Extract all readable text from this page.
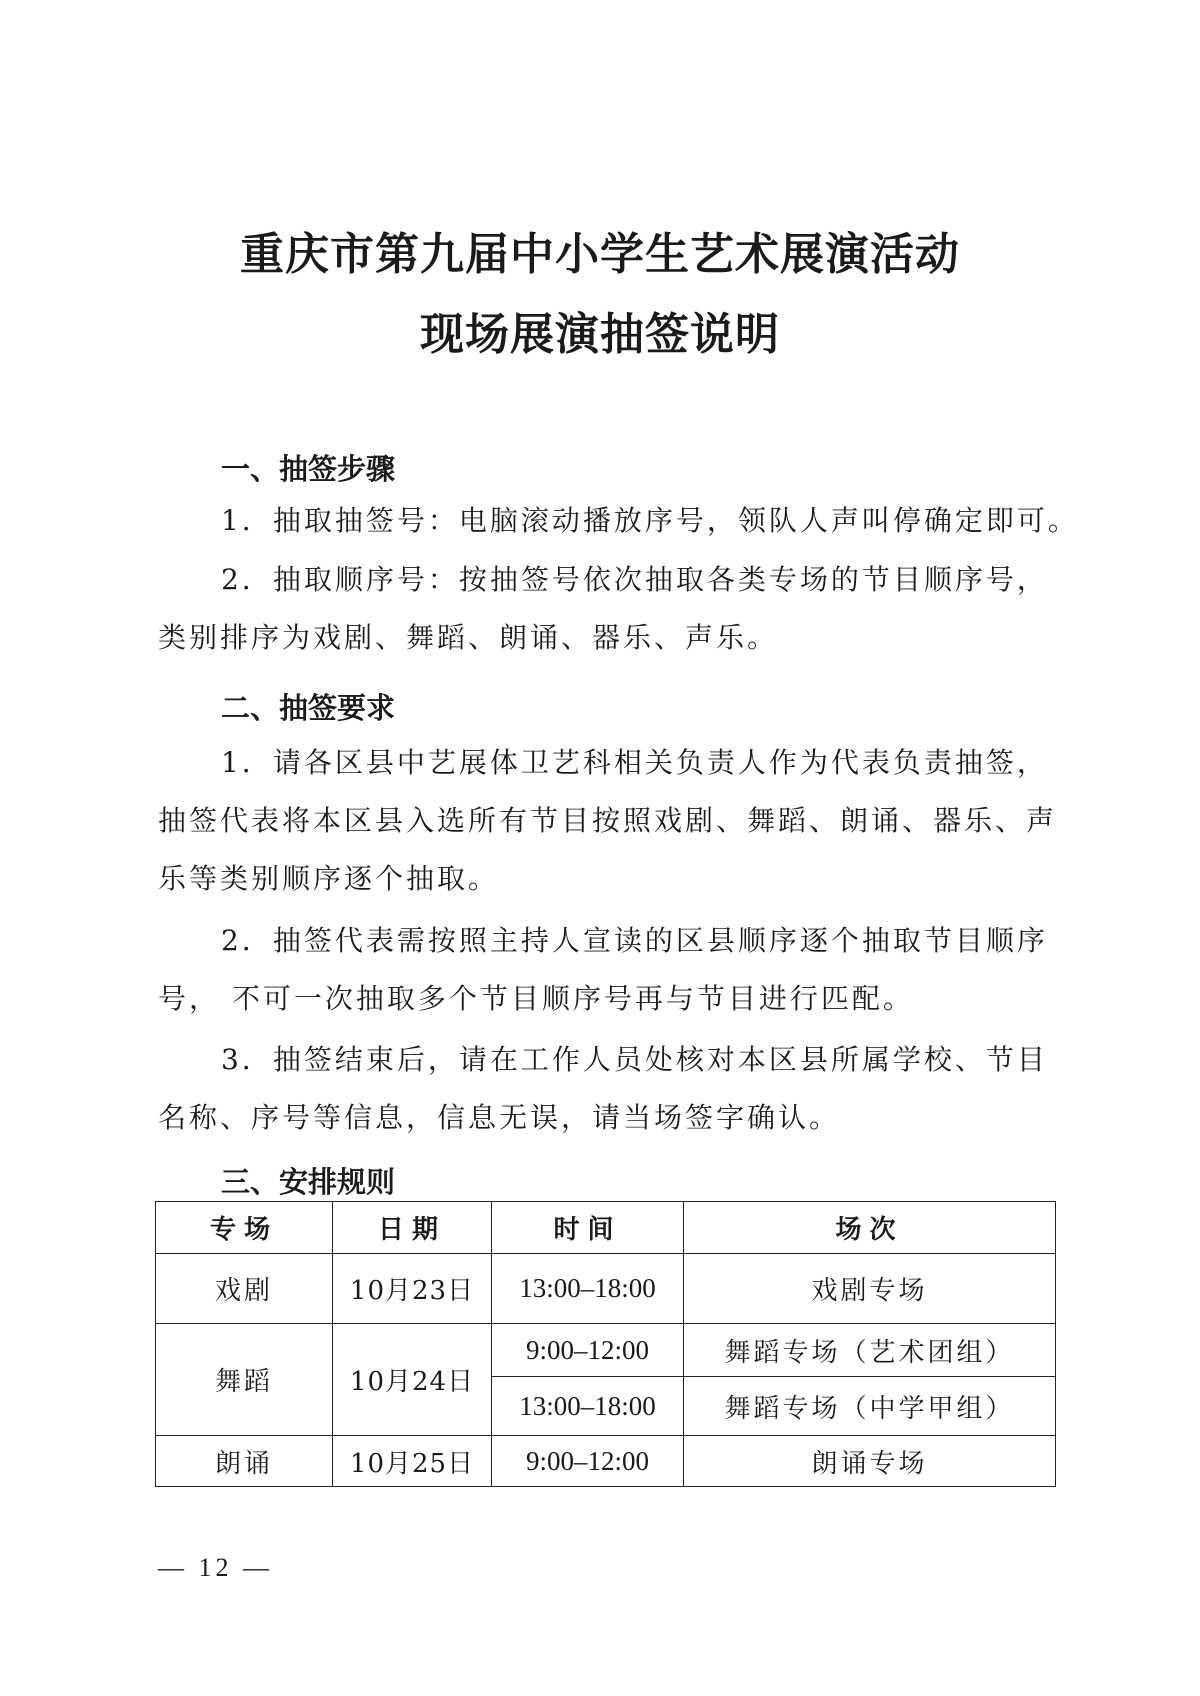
重庆市第九届中小学生艺术展演活动
现场展演抽签说明
一、抽签步骤

1．抽取抽签号：电脑滚动播放序号，领队人声叫停确定即可。

2．抽取顺序号：按抽签号依次抽取各类专场的节目顺序号，类别排序为戏剧、舞蹈、朗诵、器乐、声乐。

二、抽签要求

1．请各区县中艺展体卫艺科相关负责人作为代表负责抽签，抽签代表将本区县入选所有节目按照戏剧、舞蹈、朗诵、器乐、声乐等类别顺序逐个抽取。

2．抽签代表需按照主持人宣读的区县顺序逐个抽取节目顺序号， 不可一次抽取多个节目顺序号再与节目进行匹配。

3．抽签结束后，请在工作人员处核对本区县所属学校、节目名称、序号等信息，信息无误，请当场签字确认。

三、安排规则
专场	日期	时间	场次
戏剧	10月23日	13:00–18:00	戏剧专场
舞蹈	10月24日	9:00–12:00	舞蹈专场（艺术团组）
		13:00–18:00	舞蹈专场（中学甲组）
朗诵	10月25日	9:00–12:00	朗诵专场

— 12 —
